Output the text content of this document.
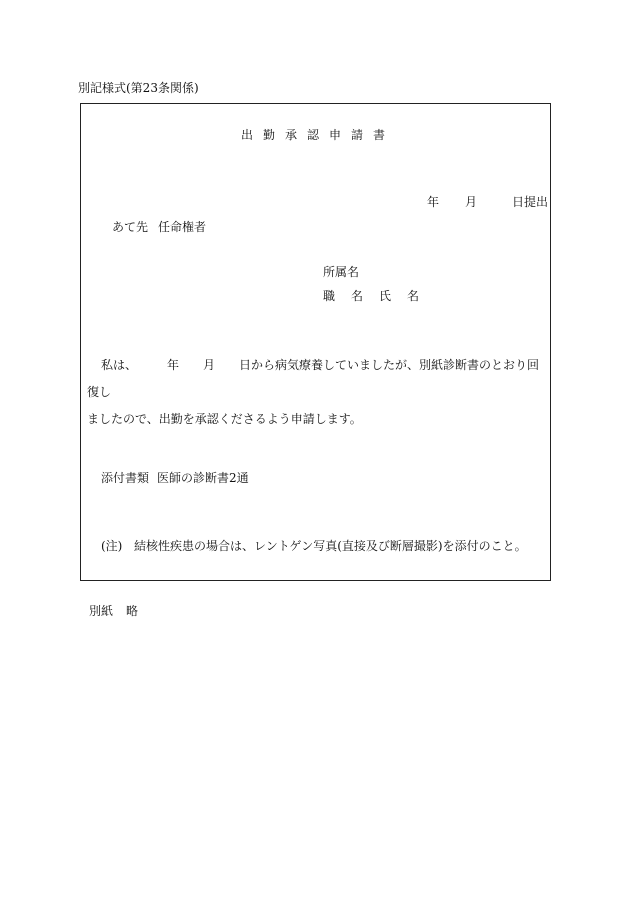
別記様式(第23条関係)
出勤承認申請書
年 月	日提出
あて先 任命権者
所属名
職　名 氏　名
私は、	年 月 日から病気療養していましたが、別紙診断書のとおり回復し
ましたので、出勤を承認くださるよう申請します。
添付書類 医師の診断書2通
(注) 結核性疾患の場合は、レントゲン写真(直接及び断層撮影)を添付のこと。
別紙 略
